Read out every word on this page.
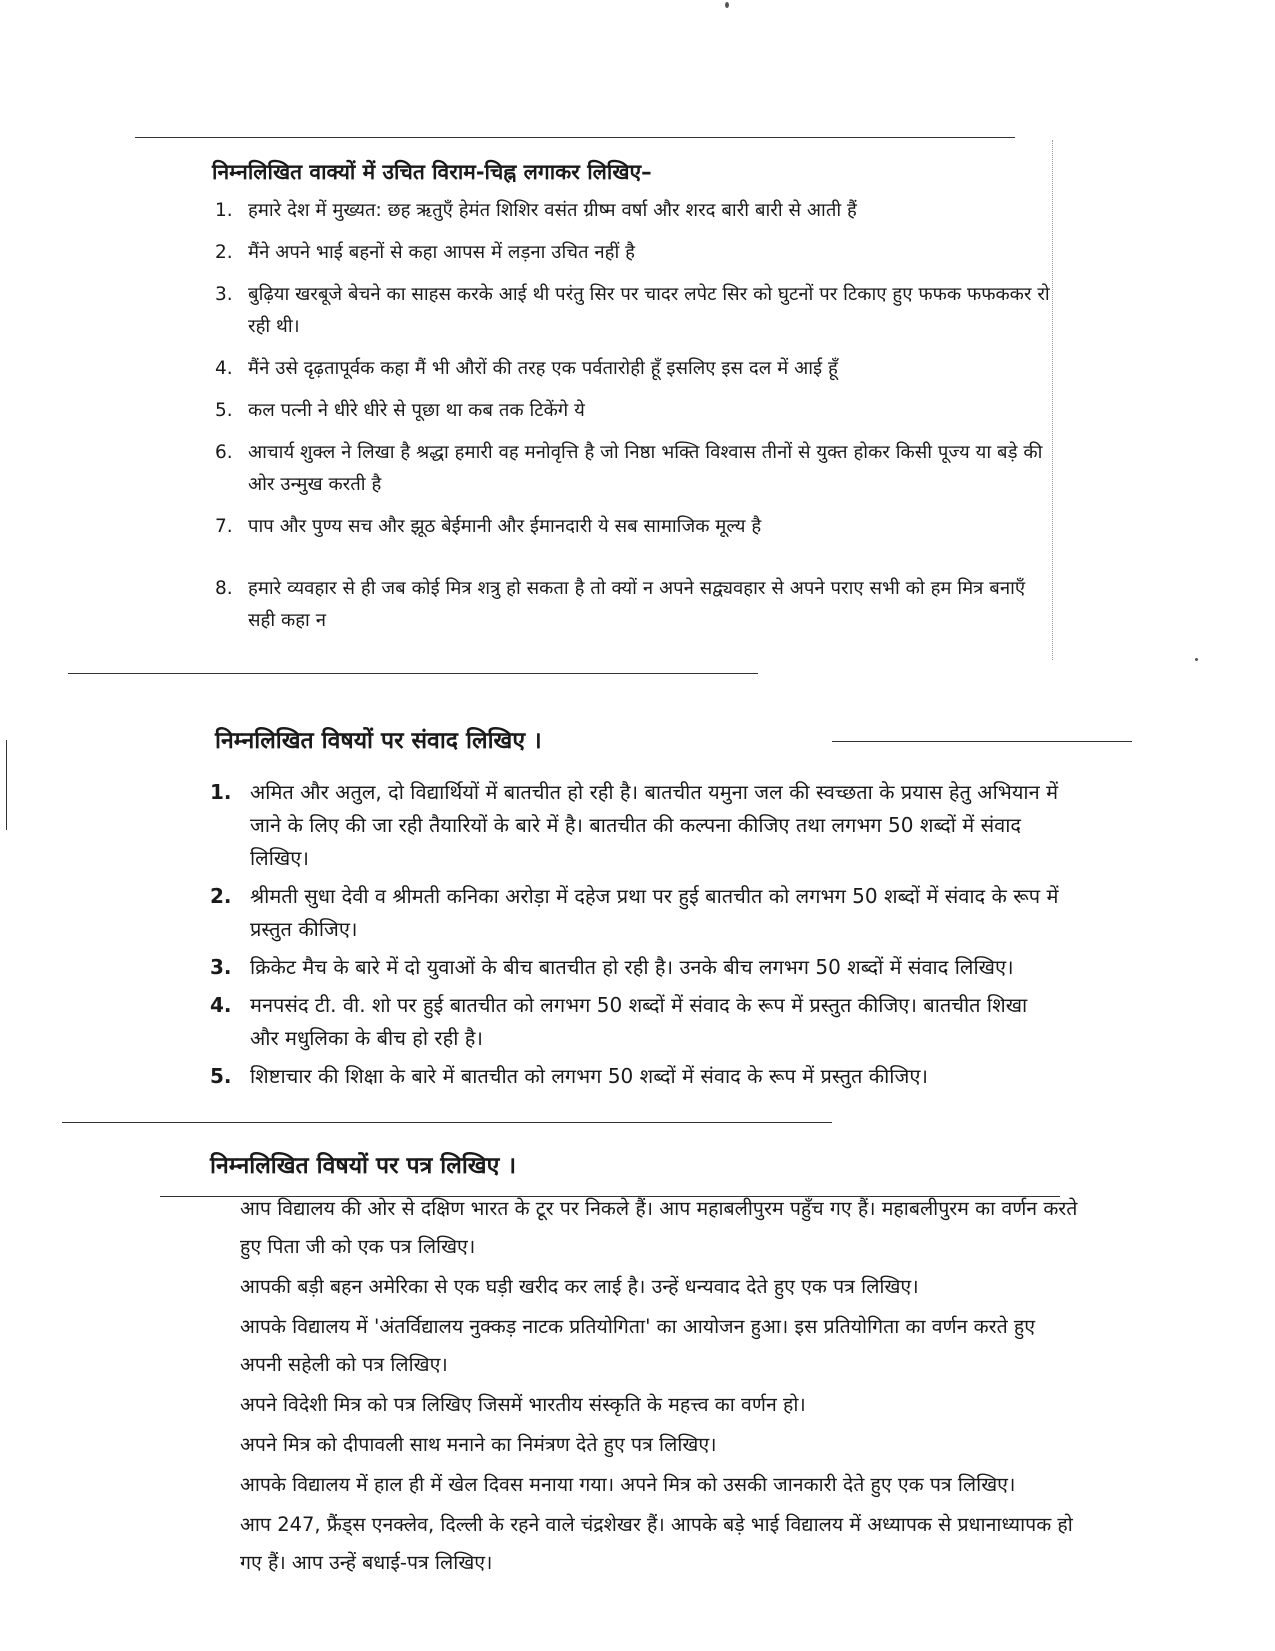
निम्नलिखित वाक्यों में उचित विराम-चिह्न लगाकर लिखिए–
1. हमारे देश में मुख्यत: छह ऋतुएँ हेमंत शिशिर वसंत ग्रीष्म वर्षा और शरद बारी बारी से आती हैं
2. मैंने अपने भाई बहनों से कहा आपस में लड़ना उचित नहीं है
3. बुढ़िया खरबूजे बेचने का साहस करके आई थी परंतु सिर पर चादर लपेट सिर को घुटनों पर टिकाए हुए फफक फफककर रो रही थी।
4. मैंने उसे दृढ़तापूर्वक कहा मैं भी औरों की तरह एक पर्वतारोही हूँ इसलिए इस दल में आई हूँ
5. कल पत्नी ने धीरे धीरे से पूछा था कब तक टिकेंगे ये
6. आचार्य शुक्ल ने लिखा है श्रद्धा हमारी वह मनोवृत्ति है जो निष्ठा भक्ति विश्वास तीनों से युक्त होकर किसी पूज्य या बड़े की ओर उन्मुख करती है
7. पाप और पुण्य सच और झूठ बेईमानी और ईमानदारी ये सब सामाजिक मूल्य है
8. हमारे व्यवहार से ही जब कोई मित्र शत्रु हो सकता है तो क्यों न अपने सद्व्यवहार से अपने पराए सभी को हम मित्र बनाएँ सही कहा न
निम्नलिखित विषयों पर संवाद लिखिए ।
1. अमित और अतुल, दो विद्यार्थियों में बातचीत हो रही है। बातचीत यमुना जल की स्वच्छता के प्रयास हेतु अभियान में जाने के लिए की जा रही तैयारियों के बारे में है। बातचीत की कल्पना कीजिए तथा लगभग 50 शब्दों में संवाद लिखिए।
2. श्रीमती सुधा देवी व श्रीमती कनिका अरोड़ा में दहेज प्रथा पर हुई बातचीत को लगभग 50 शब्दों में संवाद के रूप में प्रस्तुत कीजिए।
3. क्रिकेट मैच के बारे में दो युवाओं के बीच बातचीत हो रही है। उनके बीच लगभग 50 शब्दों में संवाद लिखिए।
4. मनपसंद टी. वी. शो पर हुई बातचीत को लगभग 50 शब्दों में संवाद के रूप में प्रस्तुत कीजिए। बातचीत शिखा और मधुलिका के बीच हो रही है।
5. शिष्टाचार की शिक्षा के बारे में बातचीत को लगभग 50 शब्दों में संवाद के रूप में प्रस्तुत कीजिए।
निम्नलिखित विषयों पर पत्र लिखिए ।
आप विद्यालय की ओर से दक्षिण भारत के टूर पर निकले हैं। आप महाबलीपुरम पहुँच गए हैं। महाबलीपुरम का वर्णन करते हुए पिता जी को एक पत्र लिखिए।
आपकी बड़ी बहन अमेरिका से एक घड़ी खरीद कर लाई है। उन्हें धन्यवाद देते हुए एक पत्र लिखिए।
आपके विद्यालय में 'अंतर्विद्यालय नुक्कड़ नाटक प्रतियोगिता' का आयोजन हुआ। इस प्रतियोगिता का वर्णन करते हुए अपनी सहेली को पत्र लिखिए।
अपने विदेशी मित्र को पत्र लिखिए जिसमें भारतीय संस्कृति के महत्त्व का वर्णन हो।
अपने मित्र को दीपावली साथ मनाने का निमंत्रण देते हुए पत्र लिखिए।
आपके विद्यालय में हाल ही में खेल दिवस मनाया गया। अपने मित्र को उसकी जानकारी देते हुए एक पत्र लिखिए।
आप 247, फ्रैंड्स एनक्लेव, दिल्ली के रहने वाले चंद्रशेखर हैं। आपके बड़े भाई विद्यालय में अध्यापक से प्रधानाध्यापक हो गए हैं। आप उन्हें बधाई-पत्र लिखिए।
